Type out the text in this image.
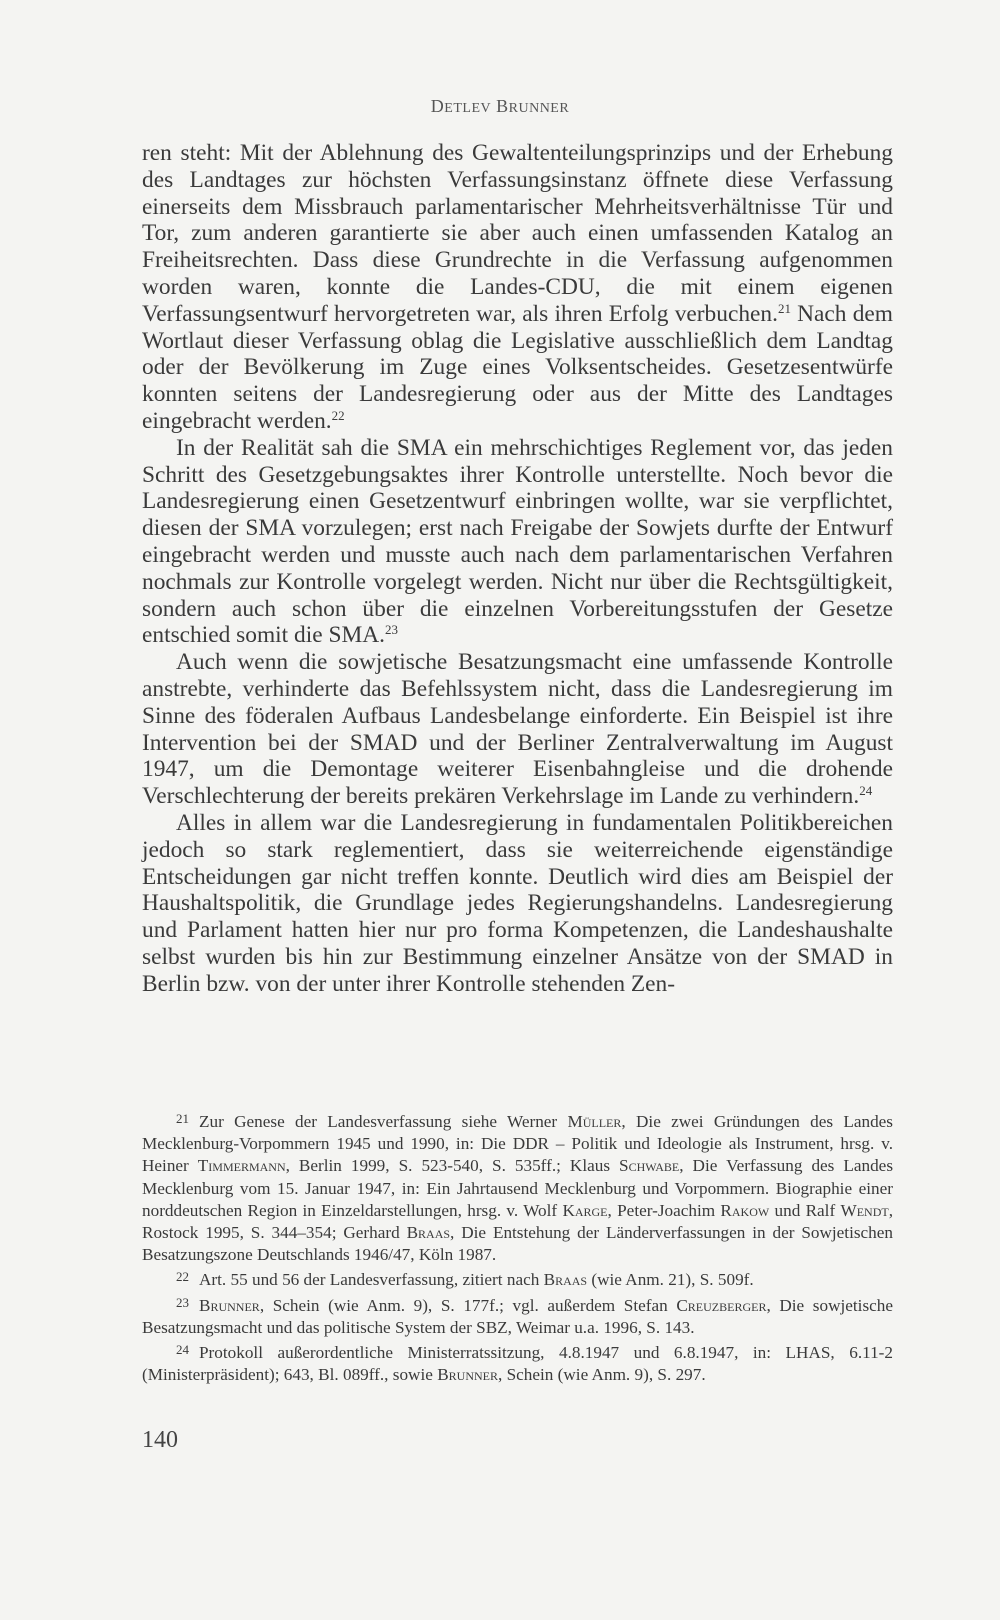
DETLEV BRUNNER

ren steht: Mit der Ablehnung des Gewaltenteilungsprinzips und der Erhebung des Landtages zur höchsten Verfassungsinstanz öffnete diese Verfassung einerseits dem Missbrauch parlamentarischer Mehrheitsverhältnisse Tür und Tor, zum anderen garantierte sie aber auch einen umfassenden Katalog an Freiheitsrechten. Dass diese Grundrechte in die Verfassung aufgenommen worden waren, konnte die Landes-CDU, die mit einem eigenen Verfassungsentwurf hervorgetreten war, als ihren Erfolg verbuchen.$^{21}$ Nach dem Wortlaut dieser Verfassung oblag die Legislative ausschließlich dem Landtag oder der Bevölkerung im Zuge eines Volksentscheides. Gesetzesentwürfe konnten seitens der Landesregierung oder aus der Mitte des Landtages eingebracht werden.$^{22}$

In der Realität sah die SMA ein mehrschichtiges Reglement vor, das jeden Schritt des Gesetzgebungsaktes ihrer Kontrolle unterstellte. Noch bevor die Landesregierung einen Gesetzentwurf einbringen wollte, war sie verpflichtet, diesen der SMA vorzulegen; erst nach Freigabe der Sowjets durfte der Entwurf eingebracht werden und musste auch nach dem parlamentarischen Verfahren nochmals zur Kontrolle vorgelegt werden. Nicht nur über die Rechtsgültigkeit, sondern auch schon über die einzelnen Vorbereitungsstufen der Gesetze entschied somit die SMA.$^{23}$

Auch wenn die sowjetische Besatzungsmacht eine umfassende Kontrolle anstrebte, verhinderte das Befehlssystem nicht, dass die Landesregierung im Sinne des föderalen Aufbaus Landesbelange einforderte. Ein Beispiel ist ihre Intervention bei der SMAD und der Berliner Zentralverwaltung im August 1947, um die Demontage weiterer Eisenbahngleise und die drohende Verschlechterung der bereits prekären Verkehrslage im Lande zu verhindern.$^{24}$

Alles in allem war die Landesregierung in fundamentalen Politikbereichen jedoch so stark reglementiert, dass sie weiterreichende eigenständige Entscheidungen gar nicht treffen konnte. Deutlich wird dies am Beispiel der Haushaltspolitik, die Grundlage jedes Regierungshandelns. Landesregierung und Parlament hatten hier nur pro forma Kompetenzen, die Landeshaushalte selbst wurden bis hin zur Bestimmung einzelner Ansätze von der SMAD in Berlin bzw. von der unter ihrer Kontrolle stehenden Zen-

$^{21}$ Zur Genese der Landesverfassung siehe Werner Müller, Die zwei Gründungen des Landes Mecklenburg-Vorpommern 1945 und 1990, in: Die DDR – Politik und Ideologie als Instrument, hrsg. v. Heiner Timmermann, Berlin 1999, S. 523-540, S. 535ff.; Klaus Schwabe, Die Verfassung des Landes Mecklenburg vom 15. Januar 1947, in: Ein Jahrtausend Mecklenburg und Vorpommern. Biographie einer norddeutschen Region in Einzeldarstellungen, hrsg. v. Wolf Karge, Peter-Joachim Rakow und Ralf Wendt, Rostock 1995, S. 344–354; Gerhard Braas, Die Entstehung der Länderverfassungen in der Sowjetischen Besatzungszone Deutschlands 1946/47, Köln 1987.

$^{22}$ Art. 55 und 56 der Landesverfassung, zitiert nach Braas (wie Anm. 21), S. 509f.

$^{23}$ Brunner, Schein (wie Anm. 9), S. 177f.; vgl. außerdem Stefan Creuzberger, Die sowjetische Besatzungsmacht und das politische System der SBZ, Weimar u.a. 1996, S. 143.

$^{24}$ Protokoll außerordentliche Ministerratssitzung, 4.8.1947 und 6.8.1947, in: LHAS, 6.11-2 (Ministerpräsident); 643, Bl. 089ff., sowie Brunner, Schein (wie Anm. 9), S. 297.

140
